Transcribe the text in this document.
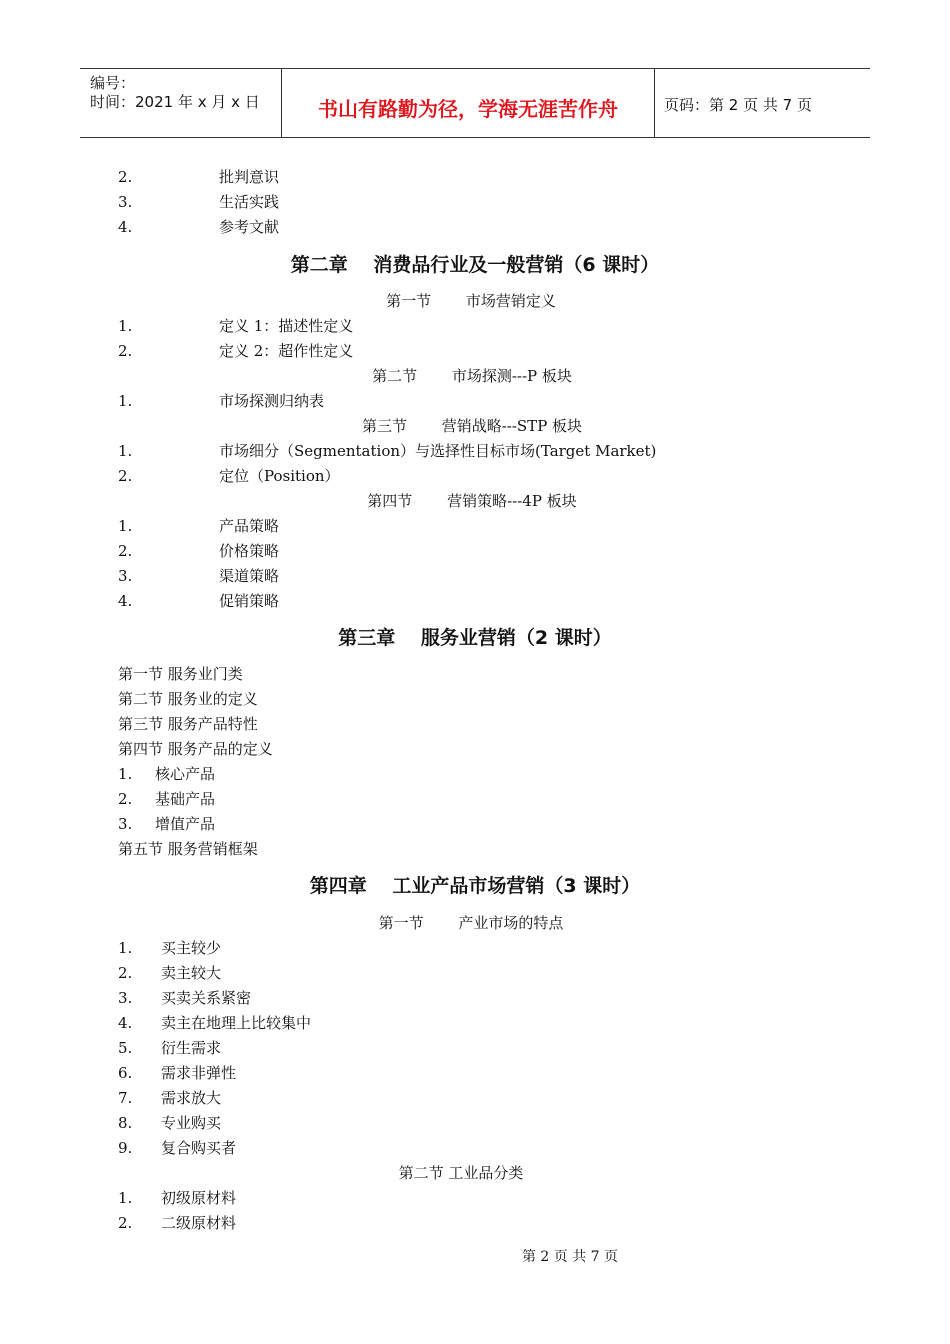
编号：
时间：2021 年 x 月 x 日	书山有路勤为径，学海无涯苦作舟	页码：第 2 页 共 7 页
2.	批判意识
3.	生活实践
4.	参考文献
第二章　 消费品行业及一般营销（6 课时）
第一节　　 市场营销定义
1.	定义 1：描述性定义
2.	定义 2：超作性定义
第二节　　 市场探测---P 板块
1.	市场探测归纳表
第三节　　 营销战略---STP 板块
1.	市场细分（Segmentation）与选择性目标市场(Target Market)
2.	定位（Position）
第四节　　 营销策略---4P 板块
1.	产品策略
2.	价格策略
3.	渠道策略
4.	促销策略
第三章　 服务业营销（2 课时）
第一节 服务业门类
第二节 服务业的定义
第三节 服务产品特性
第四节 服务产品的定义
1. 核心产品
2. 基础产品
3. 增值产品
第五节 服务营销框架
第四章　 工业产品市场营销（3 课时）
第一节　　 产业市场的特点
1. 买主较少
2. 卖主较大
3. 买卖关系紧密
4. 卖主在地理上比较集中
5. 衍生需求
6. 需求非弹性
7. 需求放大
8. 专业购买
9. 复合购买者
第二节 工业品分类
1. 初级原材料
2. 二级原材料
第 2 页 共 7 页
